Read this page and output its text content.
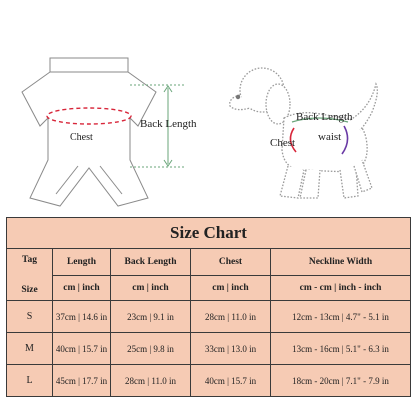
Chest
Back Length
Back Length
Chest waist
Size Chart				

Tag
Size	Length	Back Length	Chest	Neckline Width
	cm | inch	cm | inch	cm | inch	cm - cm | inch - inch
S	37cm | 14.6 in	23cm | 9.1 in	28cm | 11.0 in	12cm - 13cm | 4.7" - 5.1 in
M	40cm | 15.7 in	25cm | 9.8 in	33cm | 13.0 in	13cm - 16cm | 5.1" - 6.3 in
L	45cm | 17.7 in	28cm | 11.0 in	40cm | 15.7 in	18cm - 20cm | 7.1" - 7.9 in
